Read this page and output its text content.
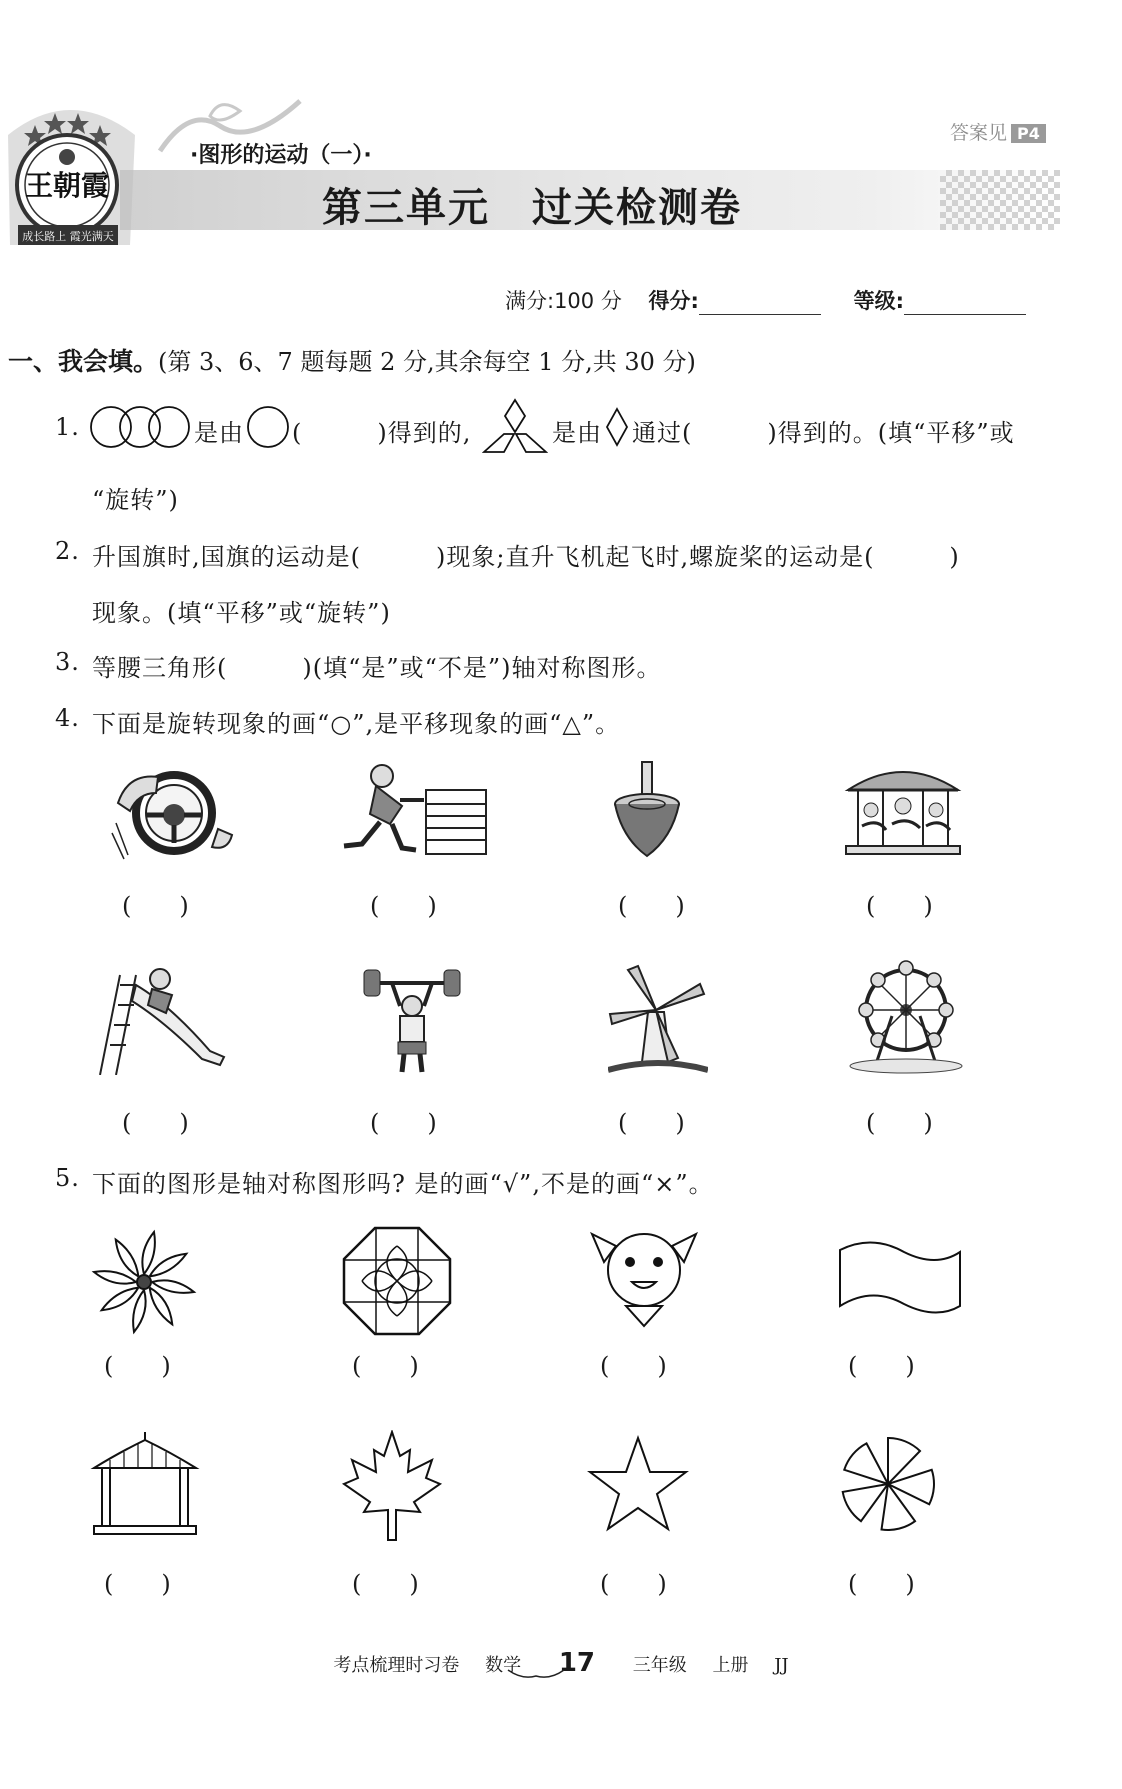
王朝霞
成长路上 霞光满天
·图形的运动（一）·
第三单元　过关检测卷
答案见 P4
满分:100 分 得分:	等级:
一、我会填。(第 3、6、7 题每题 2 分,其余每空 1 分,共 30 分)
1.	是由 (　　　)得到的,	是由 通过(　　　)得到的。(填“平移”或
“旋转”)
2. 升国旗时,国旗的运动是(　　　)现象;直升飞机起飞时,螺旋桨的运动是(　　　)
现象。(填“平移”或“旋转”)
3. 等腰三角形(　　　)(填“是”或“不是”)轴对称图形。
4. 下面是旋转现象的画“○”,是平移现象的画“△”。
(　　)	(　　)	(　　)	(　　)
(　　)	(　　)	(　　)	(　　)
5. 下面的图形是轴对称图形吗? 是的画“√”,不是的画“×”。
(　　)	(　　)	(　　)	(　　)
(　　)	(　　)	(　　)	(　　)
考点梳理时习卷 数学 17 三年级 上册 JJ
